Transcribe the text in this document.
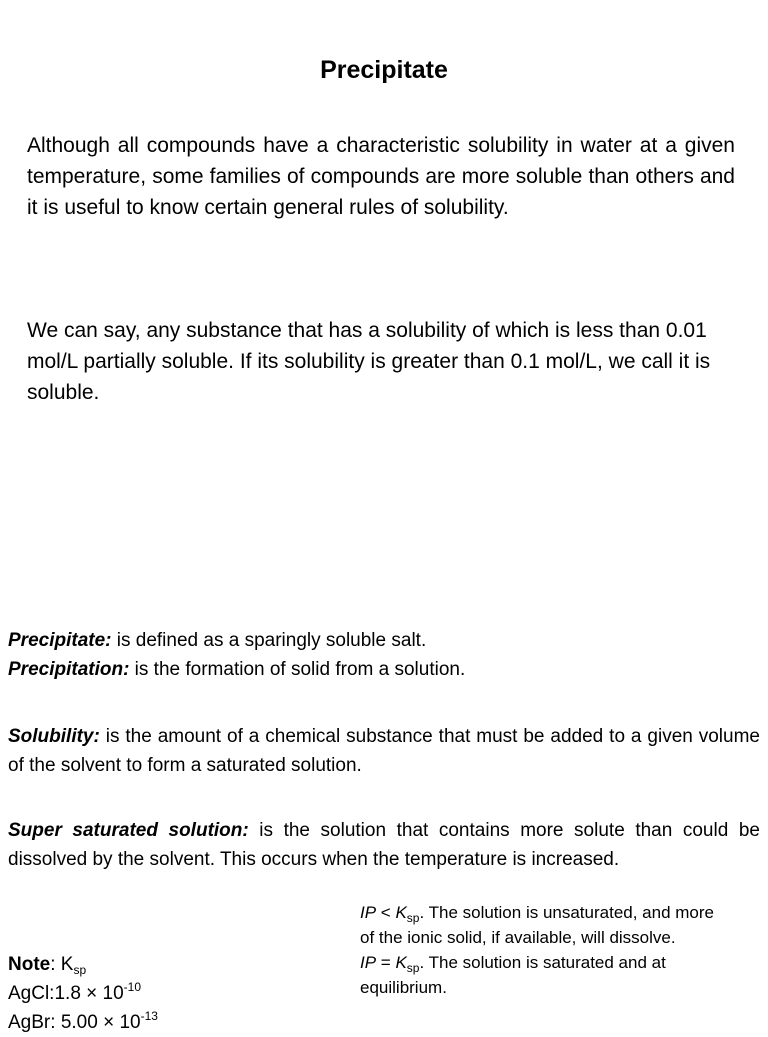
Precipitate
Although all compounds have a characteristic solubility in water at a given temperature, some families of compounds are more soluble than others and it is useful to know certain general rules of solubility.
We can say, any substance that has a solubility of which is less than 0.01 mol/L partially soluble. If its solubility is greater than 0.1 mol/L, we call it is soluble.
Precipitate: is defined as a sparingly soluble salt.
Precipitation: is the formation of solid from a solution.
Solubility: is the amount of a chemical substance that must be added to a given volume of the solvent to form a saturated solution.
Super saturated solution: is the solution that contains more solute than could be dissolved by the solvent. This occurs when the temperature is increased.
Note: $K_{sp}$
AgCl:1.8 × $10^{-10}$
AgBr: $5.00 \times 10^{-13}$
IP < $K_{sp}$. The solution is unsaturated, and more of the ionic solid, if available, will dissolve.
IP = $K_{sp}$. The solution is saturated and at equilibrium.
